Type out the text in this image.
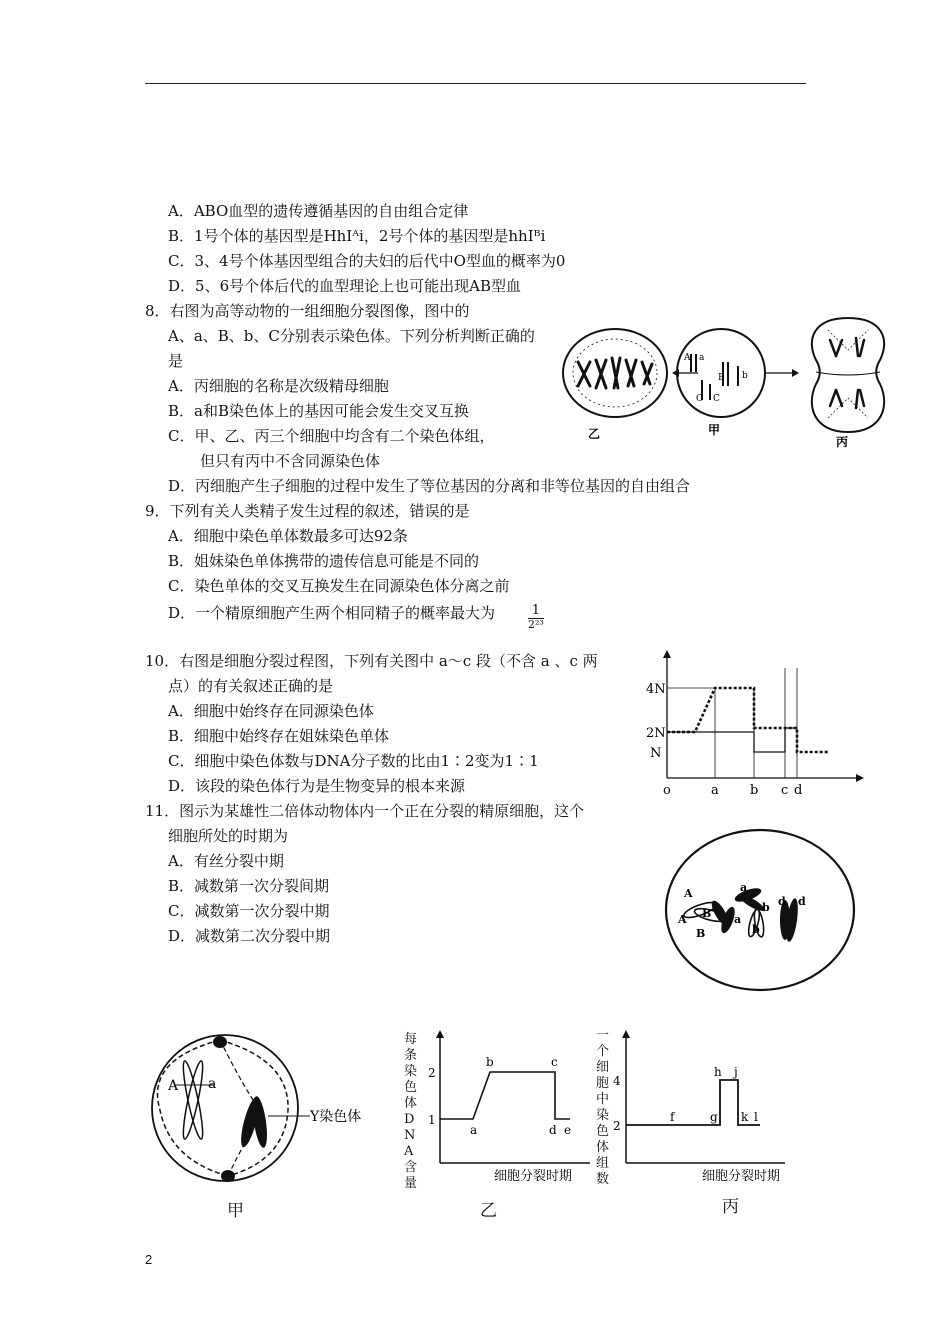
A．ABO血型的遗传遵循基因的自由组合定律
B．1号个体的基因型是HhIᴬi，2号个体的基因型是hhIᴮi
C．3、4号个体基因型组合的夫妇的后代中O型血的概率为0
D．5、6号个体后代的血型理论上也可能出现AB型血
8．右图为高等动物的一组细胞分裂图像，图中的
A、a、B、b、C分别表示染色体。下列分析判断正确的
是
A．丙细胞的名称是次级精母细胞
B．a和B染色体上的基因可能会发生交叉互换
C．甲、乙、丙三个细胞中均含有二个染色体组，
但只有丙中不含同源染色体
D．丙细胞产生子细胞的过程中发生了等位基因的分离和非等位基因的自由组合
A a
B b
C C
乙	甲
丙
9．下列有关人类精子发生过程的叙述，错误的是
A．细胞中染色单体数最多可达92条
B．姐妹染色单体携带的遗传信息可能是不同的
C．染色单体的交叉互换发生在同源染色体分离之前
D．一个精原细胞产生两个相同精子的概率最大为	1
2²³
10．右图是细胞分裂过程图，下列有关图中 a～c 段（不含 a 、c 两
点）的有关叙述正确的是
A．细胞中始终存在同源染色体
B．细胞中始终存在姐妹染色单体
C．细胞中染色体数与DNA分子数的比由1∶2变为1∶1
D．该段的染色体行为是生物变异的根本来源
4N
2N
N
o	a b c d
11．图示为某雄性二倍体动物体内一个正在分裂的精原细胞，这个
细胞所处的时期为
A．有丝分裂中期
B．减数第一次分裂间期
C．减数第一次分裂中期
D．减数第二次分裂中期
A
A B
B
a
a
b
b
d d
A a
Y染色体
甲
2
1
a
b	c
d e
细胞分裂时期
每条染色体DNA含量
乙
4
2
f	g
h j
k l
细胞分裂时期
一个细胞中染色体组数
丙
2
